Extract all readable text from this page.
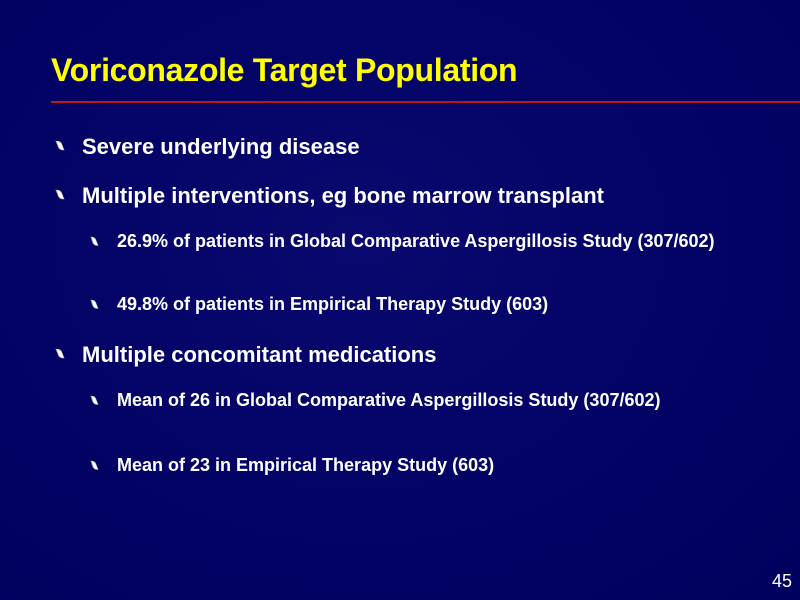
Voriconazole Target Population
Severe underlying disease
Multiple interventions, eg bone marrow transplant
26.9% of patients in Global Comparative Aspergillosis Study (307/602)
49.8% of patients in Empirical Therapy Study (603)
Multiple concomitant medications
Mean of 26 in Global Comparative Aspergillosis Study (307/602)
Mean of 23 in Empirical Therapy Study (603)
45
